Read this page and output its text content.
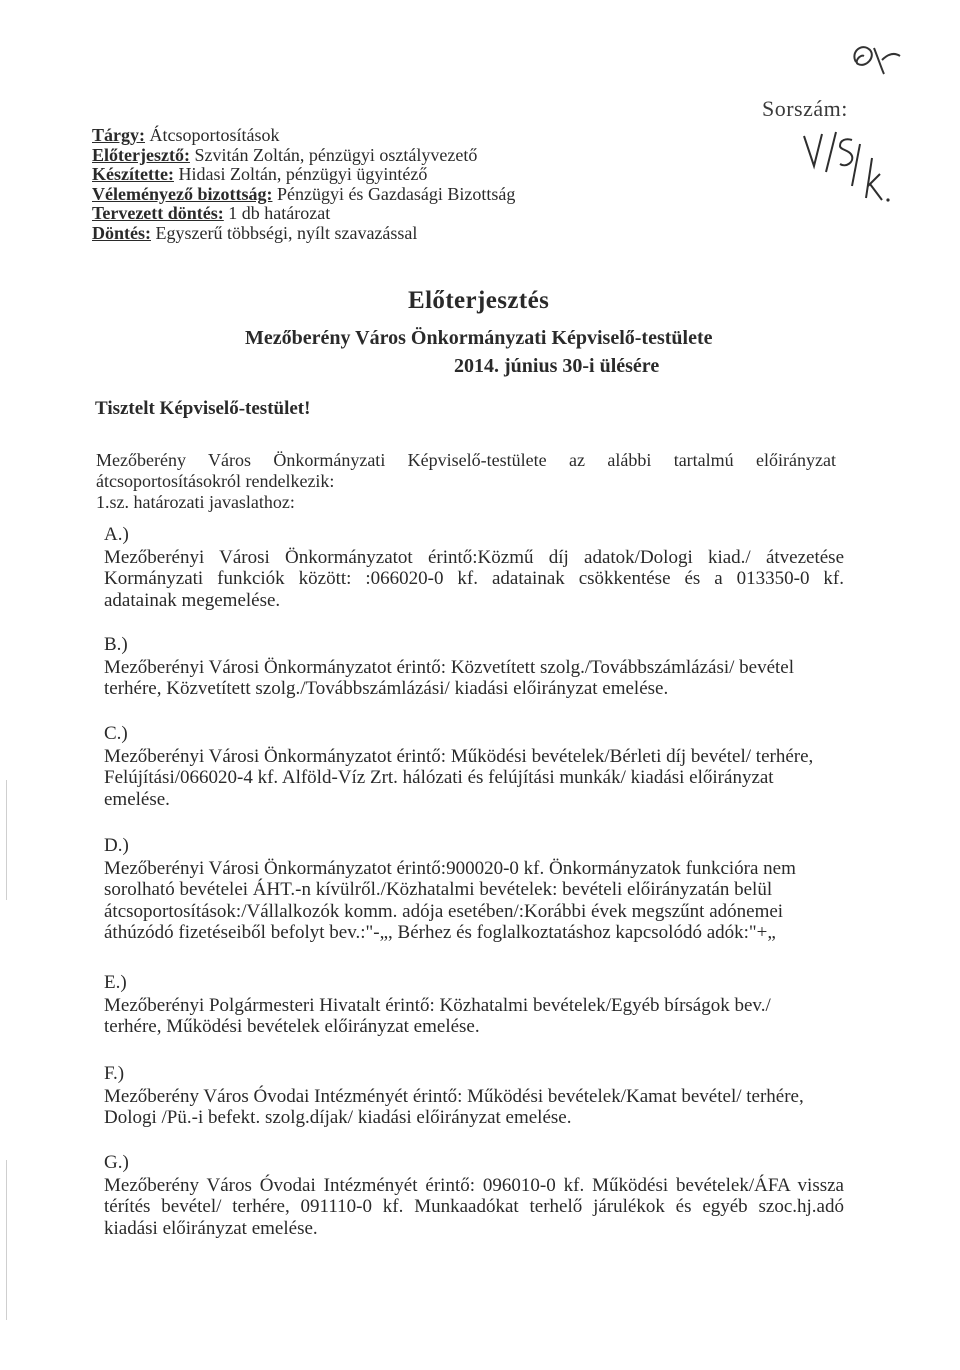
Sorszám:
Tárgy: Átcsoportosítások
Előterjesztő: Szvitán Zoltán, pénzügyi osztályvezető
Készítette: Hidasi Zoltán, pénzügyi ügyintéző
Véleményező bizottság: Pénzügyi és Gazdasági Bizottság
Tervezett döntés: 1 db határozat
Döntés: Egyszerű többségi, nyílt szavazással
Előterjesztés
Mezőberény Város Önkormányzati Képviselő-testülete
2014. június 30-i ülésére
Tisztelt Képviselő-testület!

Mezőberény Város Önkormányzati Képviselő-testülete az alábbi tartalmú előirányzat

átcsoportosításokról rendelkezik:

1.sz. határozati javaslathoz:

A.)

Mezőberényi Városi Önkormányzatot érintő:Közmű díj adatok/Dologi kiad./ átvezetése

Kormányzati funkciók között: :066020-0 kf. adatainak csökkentése és a 013350-0 kf.

adatainak megemelése.

B.)

Mezőberényi Városi Önkormányzatot érintő: Közvetített szolg./Továbbszámlázási/ bevétel

terhére, Közvetített szolg./Továbbszámlázási/ kiadási előirányzat emelése.

C.)

Mezőberényi Városi Önkormányzatot érintő: Működési bevételek/Bérleti díj bevétel/ terhére,

Felújítási/066020-4 kf. Alföld-Víz Zrt. hálózati és felújítási munkák/ kiadási előirányzat

emelése.

D.)

Mezőberényi Városi Önkormányzatot érintő:900020-0 kf. Önkormányzatok funkcióra nem

sorolható bevételei ÁHT.-n kívülről./Közhatalmi bevételek: bevételi előirányzatán belül

átcsoportosítások:/Vállalkozók komm. adója esetében/:Korábbi évek megszűnt adónemei

áthúzódó fizetéseiből befolyt bev.:"-„, Bérhez és foglalkoztatáshoz kapcsolódó adók:"+„

E.)

Mezőberényi Polgármesteri Hivatalt érintő: Közhatalmi bevételek/Egyéb bírságok bev./

terhére, Működési bevételek előirányzat emelése.

F.)

Mezőberény Város Óvodai Intézményét érintő: Működési bevételek/Kamat bevétel/ terhére,

Dologi /Pü.-i befekt. szolg.díjak/ kiadási előirányzat emelése.

G.)

Mezőberény Város Óvodai Intézményét érintő: 096010-0 kf. Működési bevételek/ÁFA vissza

térítés bevétel/ terhére, 091110-0 kf. Munkaadókat terhelő járulékok és egyéb szoc.hj.adó

kiadási előirányzat emelése.
